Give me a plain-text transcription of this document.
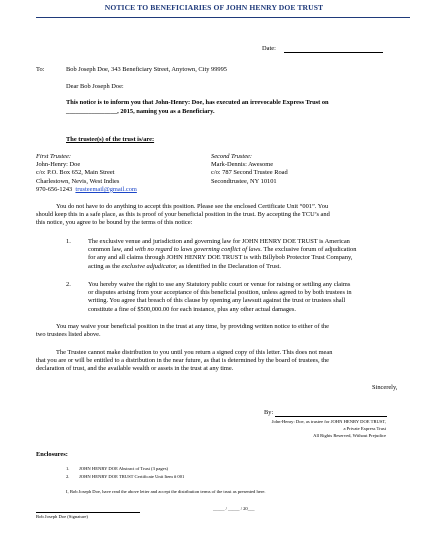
NOTICE TO BENEFICIARIES OF JOHN HENRY DOE TRUST
Date:
To:	Bob Joseph Doe, 343 Beneficiary Street, Anytown, City 99995
Dear Bob Joseph Doe:
This notice is to inform you that John-Henry: Doe, has executed an irrevocable Express Trust on
________________, 2015, naming you as a Beneficiary.
The trustee(s) of the trust is/are:
First Trustee:
John-Henry: Doe
c/o: P.O. Box 652, Main Street
Charlestown, Nevis, West Indies
970-656-1243 trusteemail@gmail.com
Second Trustee:
Mark-Dennis: Awesome
c/o: 787 Second Trustee Road
Secondtrustee, NY 10101
You do not have to do anything to accept this position. Please see the enclosed Certificate Unit “001”. You
should keep this in a safe place, as this is proof of your beneficial position in the trust. By accepting the TCU’s and
this notice, you agree to be bound by the terms of this notice:
1.	The exclusive venue and jurisdiction and governing law for JOHN HENRY DOE TRUST is American
common law, and with no regard to laws governing conflict of laws. The exclusive forum of adjudication
for any and all claims through JOHN HENRY DOE TRUST is with Billybob Protector Trust Company,
acting as the exclusive adjudicator, as identified in the Declaration of Trust.
2.	You hereby waive the right to use any Statutory public court or venue for raising or settling any claims
or disputes arising from your acceptance of this beneficial position, unless agreed to by both trustees in
writing. You agree that breach of this clause by opening any lawsuit against the trust or trustees shall
constitute a fine of $500,000.00 for each instance, plus any other actual damages.
You may waive your beneficial position in the trust at any time, by providing written notice to either of the
two trustees listed above.
The Trustee cannot make distribution to you until you return a signed copy of this letter. This does not mean
that you are or will be entitled to a distribution in the near future, as that is determined by the board of trustees, the
declaration of trust, and the available wealth or assets in the trust at any time.
Sincerely,
By:
John-Henry: Doe, as trustee for JOHN HENRY DOE TRUST,
a Private Express Trust
All Rights Reserved, Without Prejudice
Enclosures:
1. JOHN HENRY DOE Abstract of Trust (3 pages)
2. JOHN HENRY DOE TRUST Certificate Unit Item # 001
I, Bob Joseph Doe, have read the above letter and accept the distribution terms of the trust as presented here.
Bob Joseph Doe (Signature)
_____ / _____ / 20___
